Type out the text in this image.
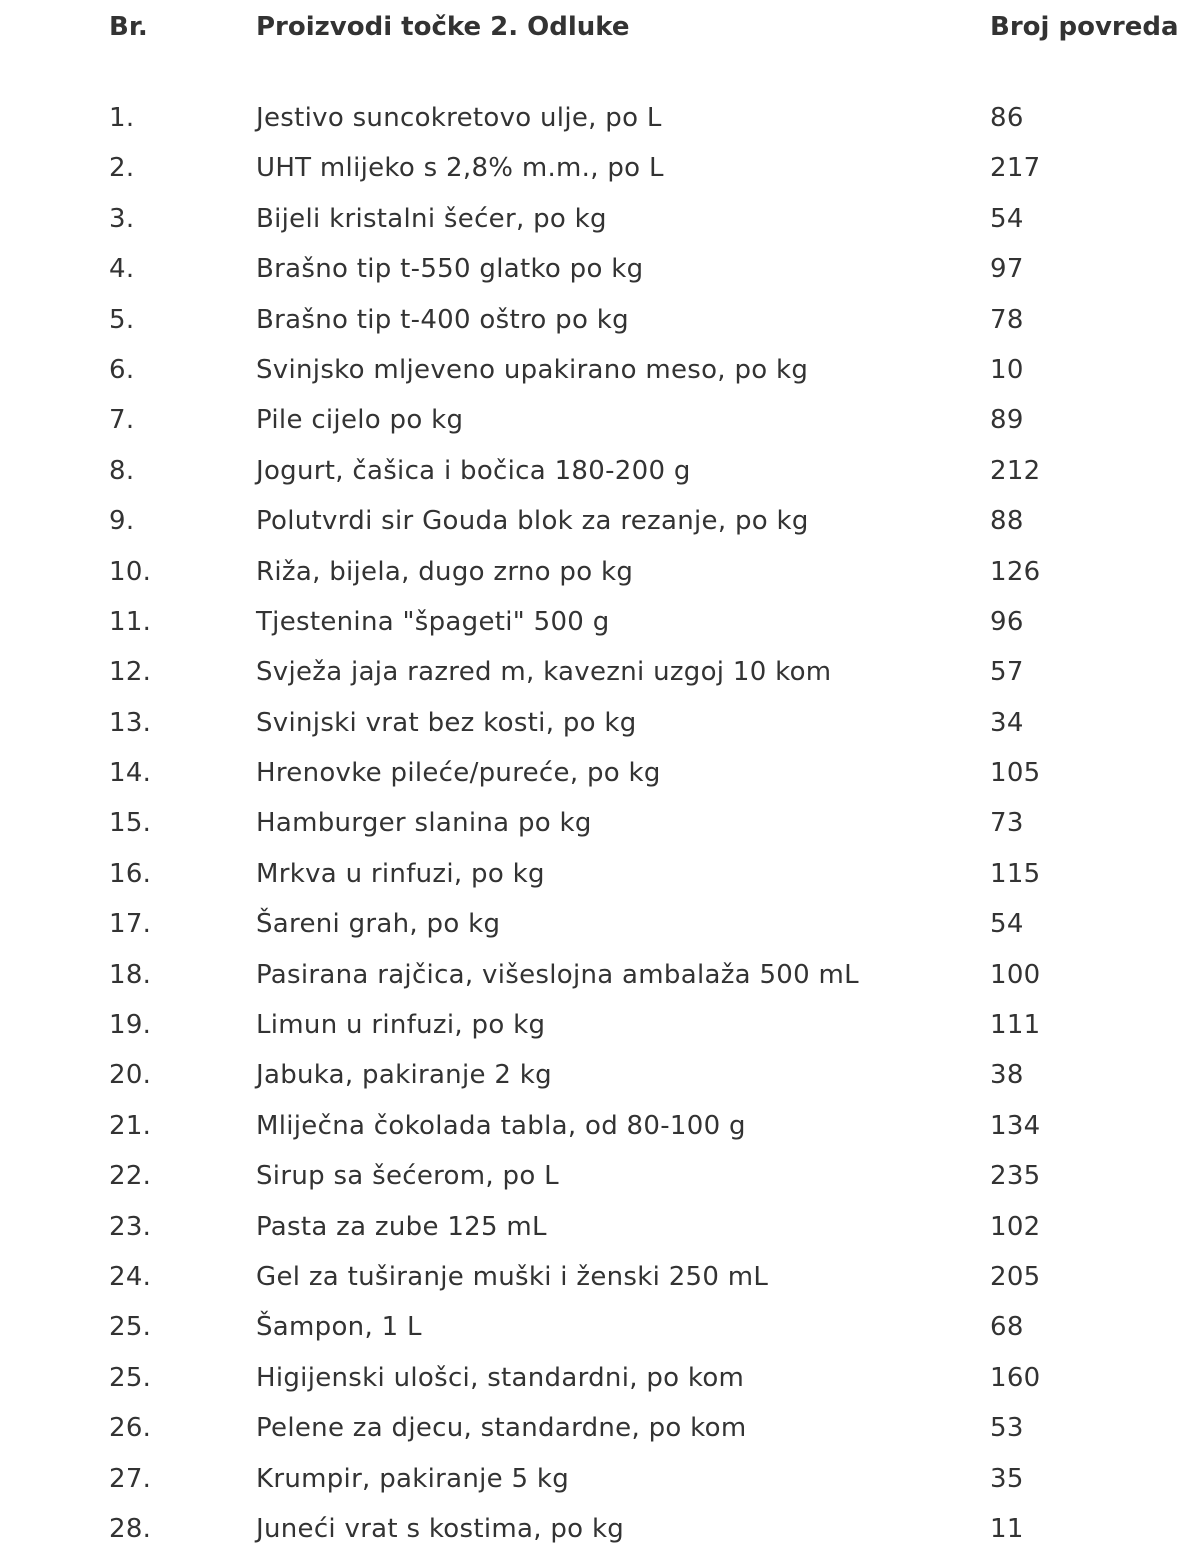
Br.	Proizvodi točke 2. Odluke	Broj povreda
1.	Jestivo suncokretovo ulje, po L	86
2.	UHT mlijeko s 2,8% m.m., po L	217
3.	Bijeli kristalni šećer, po kg	54
4.	Brašno tip t-550 glatko po kg	97
5.	Brašno tip t-400 oštro po kg	78
6.	Svinjsko mljeveno upakirano meso, po kg	10
7.	Pile cijelo po kg	89
8.	Jogurt, čašica i bočica 180-200 g	212
9.	Polutvrdi sir Gouda blok za rezanje, po kg	88
10.	Riža, bijela, dugo zrno po kg	126
11.	Tjestenina "špageti" 500 g	96
12.	Svježa jaja razred m, kavezni uzgoj 10 kom	57
13.	Svinjski vrat bez kosti, po kg	34
14.	Hrenovke pileće/pureće, po kg	105
15.	Hamburger slanina po kg	73
16.	Mrkva u rinfuzi, po kg	115
17.	Šareni grah, po kg	54
18.	Pasirana rajčica, višeslojna ambalaža 500 mL	100
19.	Limun u rinfuzi, po kg	111
20.	Jabuka, pakiranje 2 kg	38
21.	Mliječna čokolada tabla, od 80-100 g	134
22.	Sirup sa šećerom, po L	235
23.	Pasta za zube 125 mL	102
24.	Gel za tuširanje muški i ženski 250 mL	205
25.	Šampon, 1 L	68
25.	Higijenski ulošci, standardni, po kom	160
26.	Pelene za djecu, standardne, po kom	53
27.	Krumpir, pakiranje 5 kg	35
28.	Juneći vrat s kostima, po kg	11
